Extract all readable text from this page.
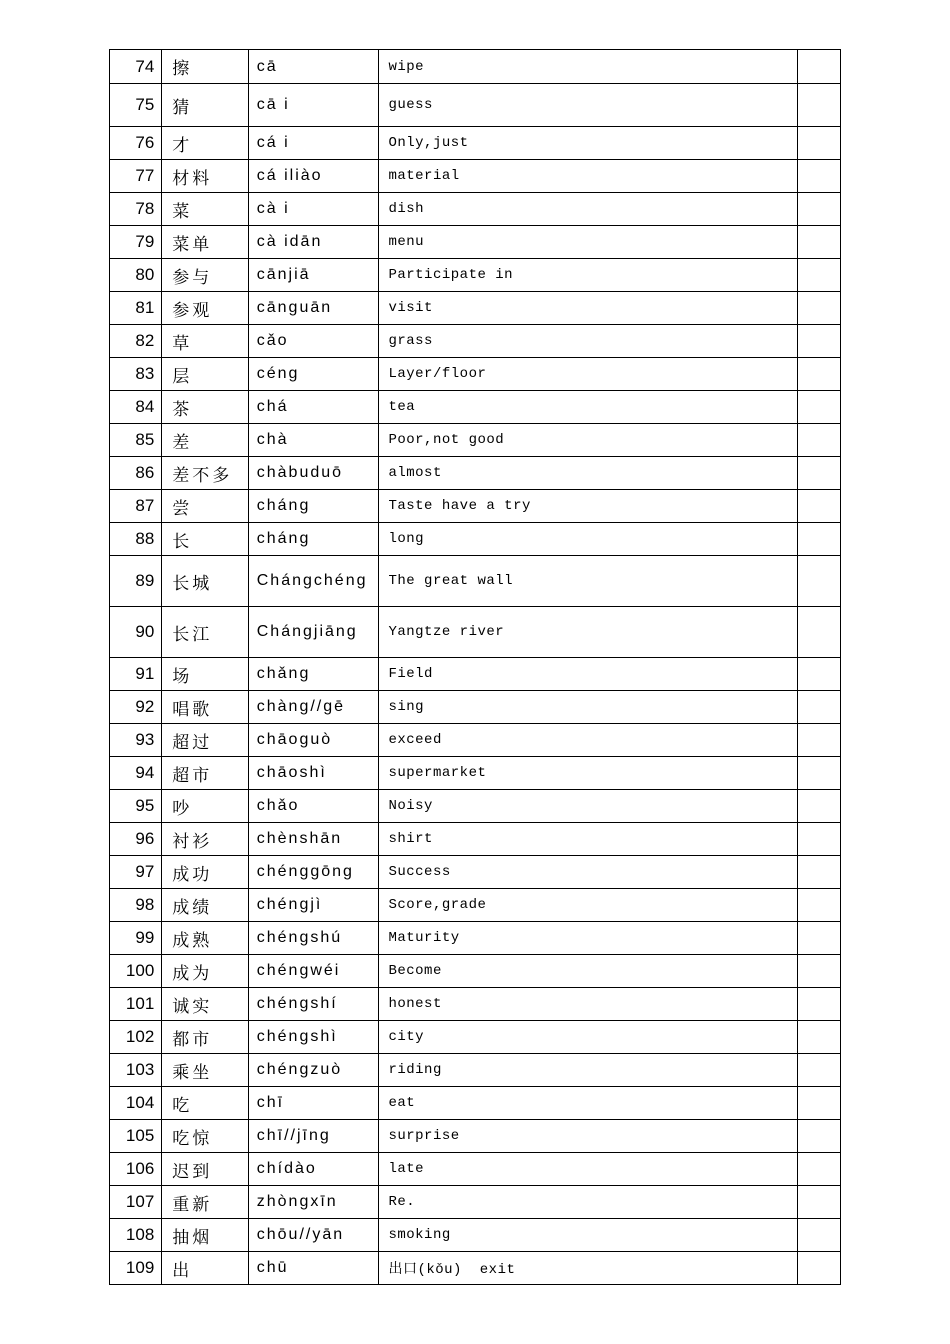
74	擦	cā	wipe	
75	猜	cā i	guess	
76	才	cá i	Only,just	
77	材料	cá iliào	material	
78	菜	cà i	dish	
79	菜单	cà idān	menu	
80	参与	cānjiā	Participate in	
81	参观	cānguān	visit	
82	草	cǎo	grass	
83	层	céng	Layer/floor	
84	茶	chá	tea	
85	差	chà	Poor,not good	
86	差不多	chàbuduō	almost	
87	尝	cháng	Taste have a try	
88	长	cháng	long	
89	长城	Chángchéng	The great wall	
90	长江	Chángjiāng	Yangtze river	
91	场	chǎng	Field	
92	唱歌	chàng//gē	sing	
93	超过	chāoguò	exceed	
94	超市	chāoshì	supermarket	
95	吵	chǎo	Noisy	
96	衬衫	chènshān	shirt	
97	成功	chénggōng	Success	
98	成绩	chéngjì	Score,grade	
99	成熟	chéngshú	Maturity	
100	成为	chéngwéi	Become	
101	诚实	chéngshí	honest	
102	都市	chéngshì	city	
103	乘坐	chéngzuò	riding	
104	吃	chī	eat	
105	吃惊	chī//jīng	surprise	
106	迟到	chídào	late	
107	重新	zhòngxīn	Re.	
108	抽烟	chōu//yān	smoking	
109	出	chū	出口(kǒu)  exit	
